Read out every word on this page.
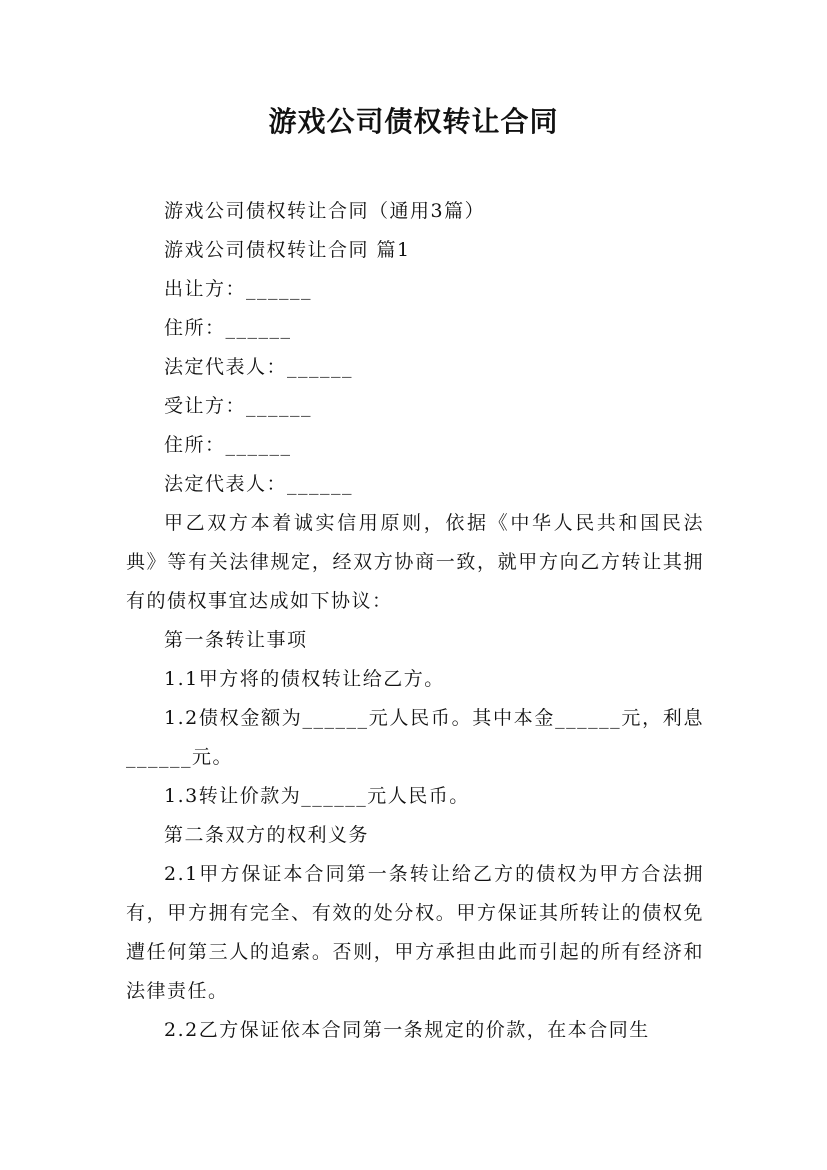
游戏公司债权转让合同

游戏公司债权转让合同（通用3篇）

游戏公司债权转让合同 篇1

出让方：______

住所：______

法定代表人：______

受让方：______

住所：______

法定代表人：______

甲乙双方本着诚实信用原则，依据《中华人民共和国民法典》等有关法律规定，经双方协商一致，就甲方向乙方转让其拥有的债权事宜达成如下协议：

第一条转让事项

1.1甲方将的债权转让给乙方。

1.2债权金额为______元人民币。其中本金______元，利息______元。

1.3转让价款为______元人民币。

第二条双方的权利义务

2.1甲方保证本合同第一条转让给乙方的债权为甲方合法拥有，甲方拥有完全、有效的处分权。甲方保证其所转让的债权免遭任何第三人的追索。否则，甲方承担由此而引起的所有经济和法律责任。

2.2乙方保证依本合同第一条规定的价款，在本合同生
